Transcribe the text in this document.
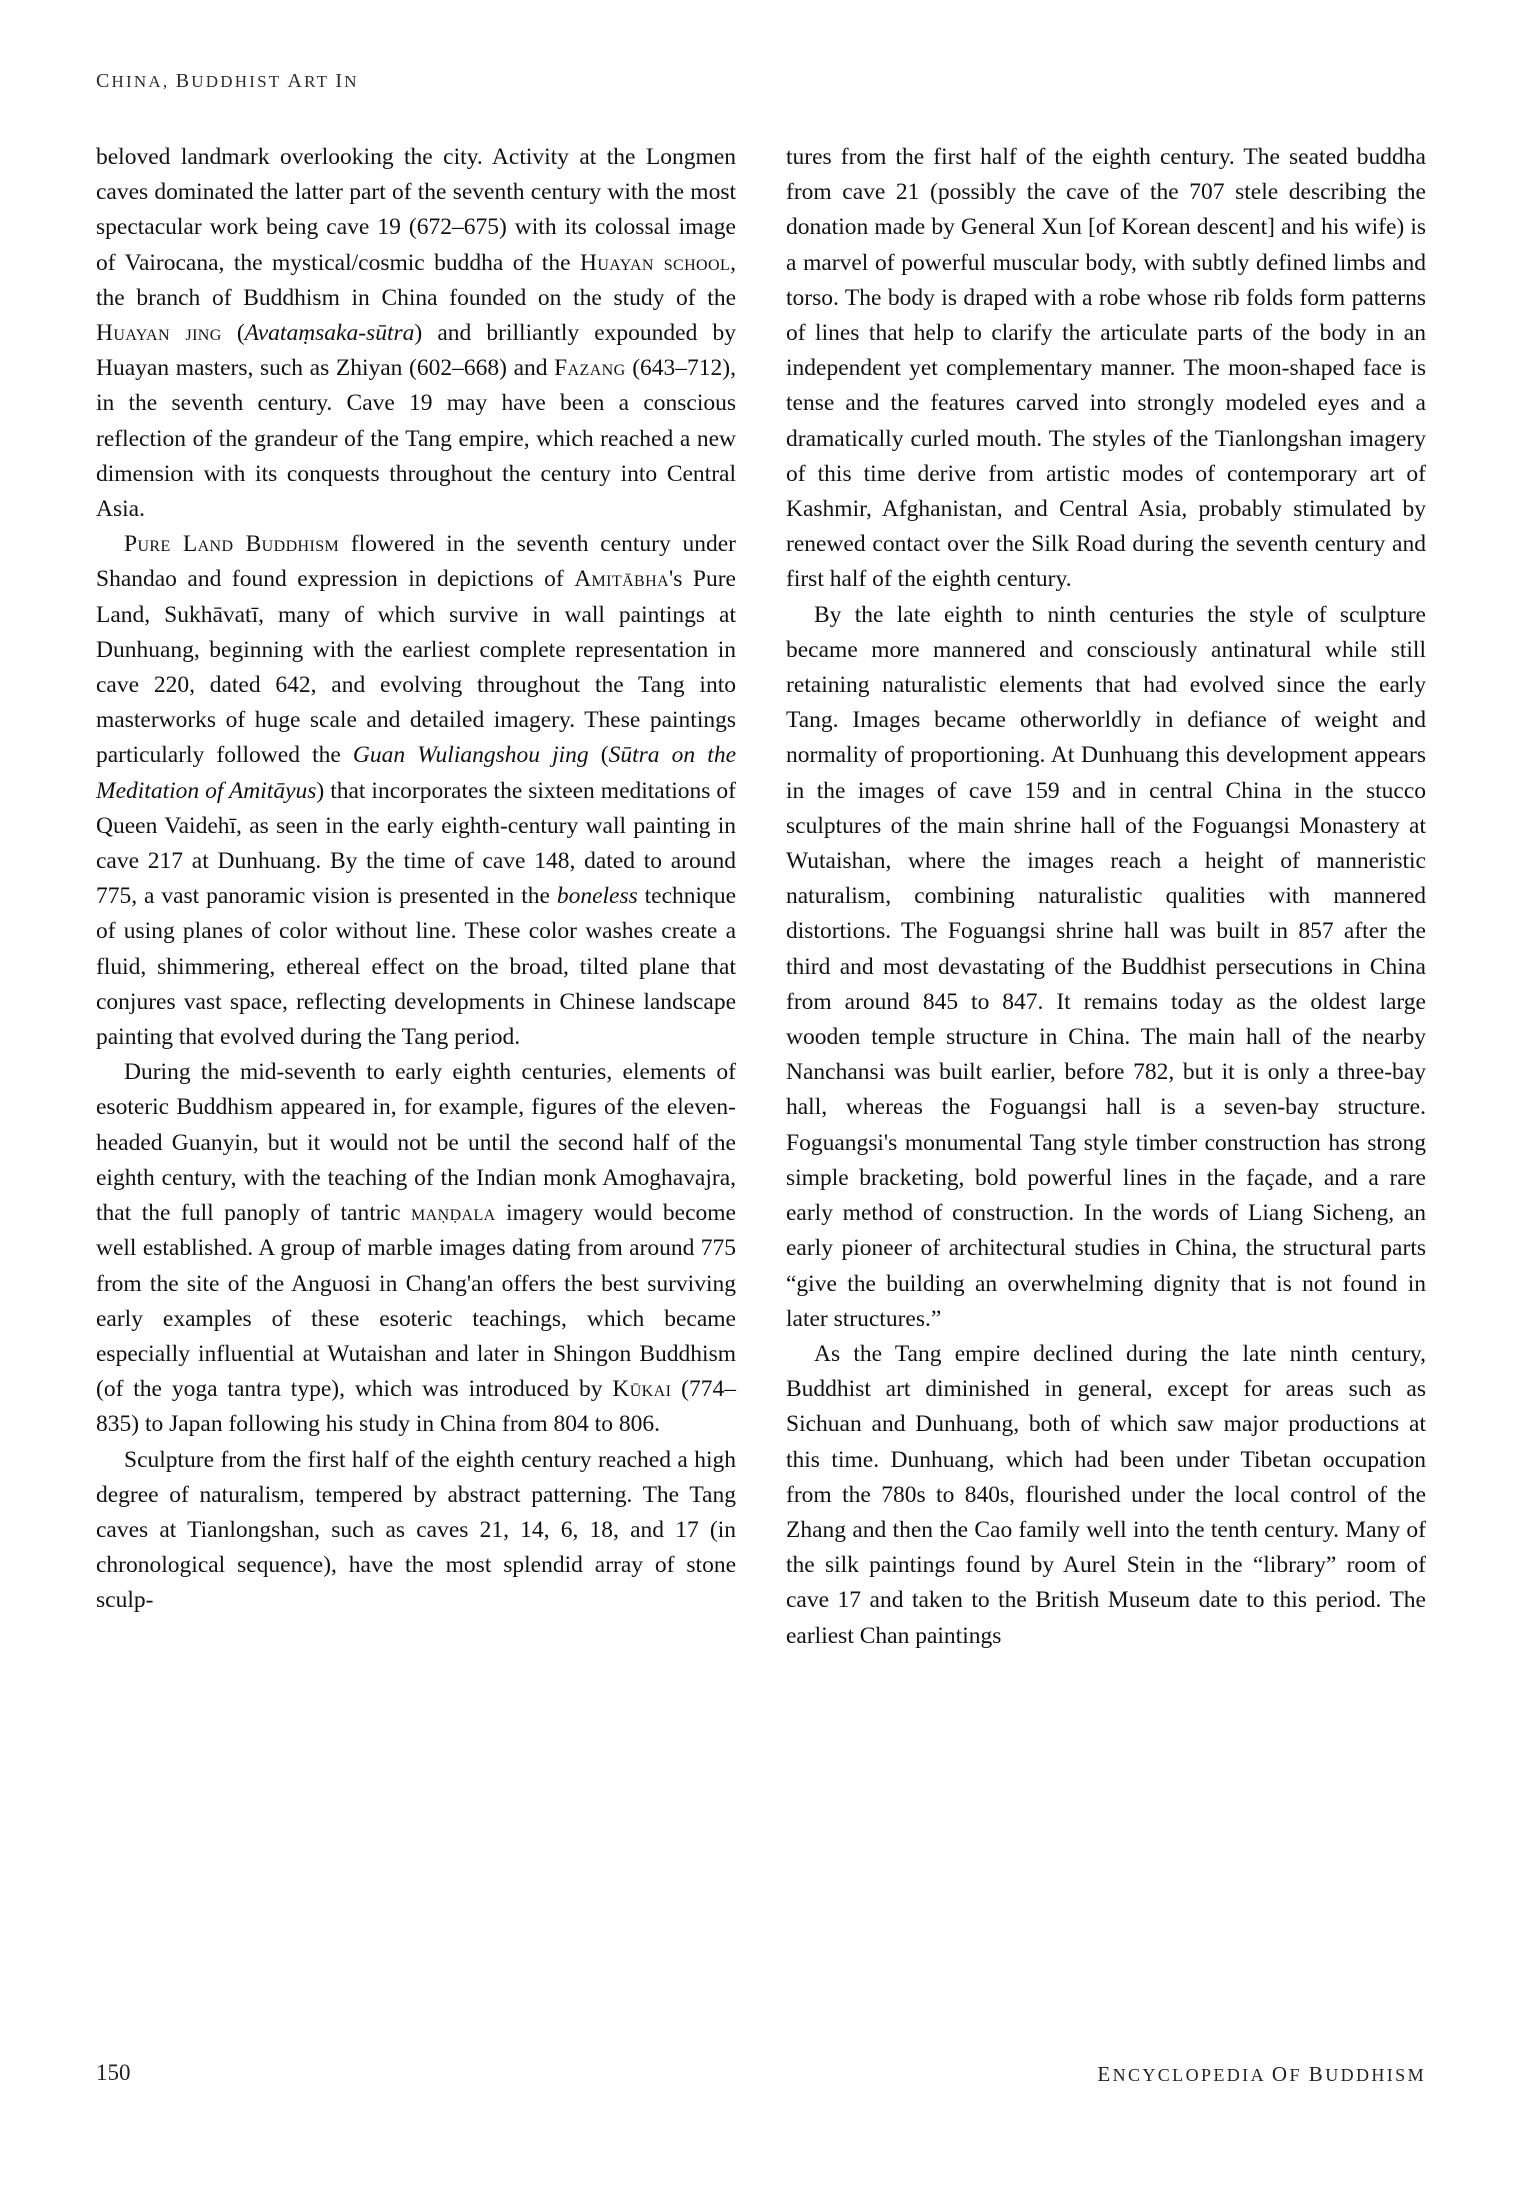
CHINA, BUDDHIST ART IN

beloved landmark overlooking the city. Activity at the Longmen caves dominated the latter part of the seventh century with the most spectacular work being cave 19 (672–675) with its colossal image of Vairocana, the mystical/cosmic buddha of the Huayan school, the branch of Buddhism in China founded on the study of the Huayan jing (Avataṃsaka-sūtra) and brilliantly expounded by Huayan masters, such as Zhiyan (602–668) and Fazang (643–712), in the seventh century. Cave 19 may have been a conscious reflection of the grandeur of the Tang empire, which reached a new dimension with its conquests throughout the century into Central Asia.

Pure Land Buddhism flowered in the seventh century under Shandao and found expression in depictions of Amitābha's Pure Land, Sukhāvatī, many of which survive in wall paintings at Dunhuang, beginning with the earliest complete representation in cave 220, dated 642, and evolving throughout the Tang into masterworks of huge scale and detailed imagery. These paintings particularly followed the Guan Wuliangshou jing (Sūtra on the Meditation of Amitāyus) that incorporates the sixteen meditations of Queen Vaidehī, as seen in the early eighth-century wall painting in cave 217 at Dunhuang. By the time of cave 148, dated to around 775, a vast panoramic vision is presented in the boneless technique of using planes of color without line. These color washes create a fluid, shimmering, ethereal effect on the broad, tilted plane that conjures vast space, reflecting developments in Chinese landscape painting that evolved during the Tang period.

During the mid-seventh to early eighth centuries, elements of esoteric Buddhism appeared in, for example, figures of the eleven-headed Guanyin, but it would not be until the second half of the eighth century, with the teaching of the Indian monk Amoghavajra, that the full panoply of tantric maṇḍala imagery would become well established. A group of marble images dating from around 775 from the site of the Anguosi in Chang'an offers the best surviving early examples of these esoteric teachings, which became especially influential at Wutaishan and later in Shingon Buddhism (of the yoga tantra type), which was introduced by Kūkai (774–835) to Japan following his study in China from 804 to 806.

Sculpture from the first half of the eighth century reached a high degree of naturalism, tempered by abstract patterning. The Tang caves at Tianlongshan, such as caves 21, 14, 6, 18, and 17 (in chronological sequence), have the most splendid array of stone sculp-

tures from the first half of the eighth century. The seated buddha from cave 21 (possibly the cave of the 707 stele describing the donation made by General Xun [of Korean descent] and his wife) is a marvel of powerful muscular body, with subtly defined limbs and torso. The body is draped with a robe whose rib folds form patterns of lines that help to clarify the articulate parts of the body in an independent yet complementary manner. The moon-shaped face is tense and the features carved into strongly modeled eyes and a dramatically curled mouth. The styles of the Tianlongshan imagery of this time derive from artistic modes of contemporary art of Kashmir, Afghanistan, and Central Asia, probably stimulated by renewed contact over the Silk Road during the seventh century and first half of the eighth century.

By the late eighth to ninth centuries the style of sculpture became more mannered and consciously antinatural while still retaining naturalistic elements that had evolved since the early Tang. Images became otherworldly in defiance of weight and normality of proportioning. At Dunhuang this development appears in the images of cave 159 and in central China in the stucco sculptures of the main shrine hall of the Foguangsi Monastery at Wutaishan, where the images reach a height of manneristic naturalism, combining naturalistic qualities with mannered distortions. The Foguangsi shrine hall was built in 857 after the third and most devastating of the Buddhist persecutions in China from around 845 to 847. It remains today as the oldest large wooden temple structure in China. The main hall of the nearby Nanchansi was built earlier, before 782, but it is only a three-bay hall, whereas the Foguangsi hall is a seven-bay structure. Foguangsi's monumental Tang style timber construction has strong simple bracketing, bold powerful lines in the façade, and a rare early method of construction. In the words of Liang Sicheng, an early pioneer of architectural studies in China, the structural parts “give the building an overwhelming dignity that is not found in later structures.”

As the Tang empire declined during the late ninth century, Buddhist art diminished in general, except for areas such as Sichuan and Dunhuang, both of which saw major productions at this time. Dunhuang, which had been under Tibetan occupation from the 780s to 840s, flourished under the local control of the Zhang and then the Cao family well into the tenth century. Many of the silk paintings found by Aurel Stein in the “library” room of cave 17 and taken to the British Museum date to this period. The earliest Chan paintings

150	ENCYCLOPEDIA OF BUDDHISM
